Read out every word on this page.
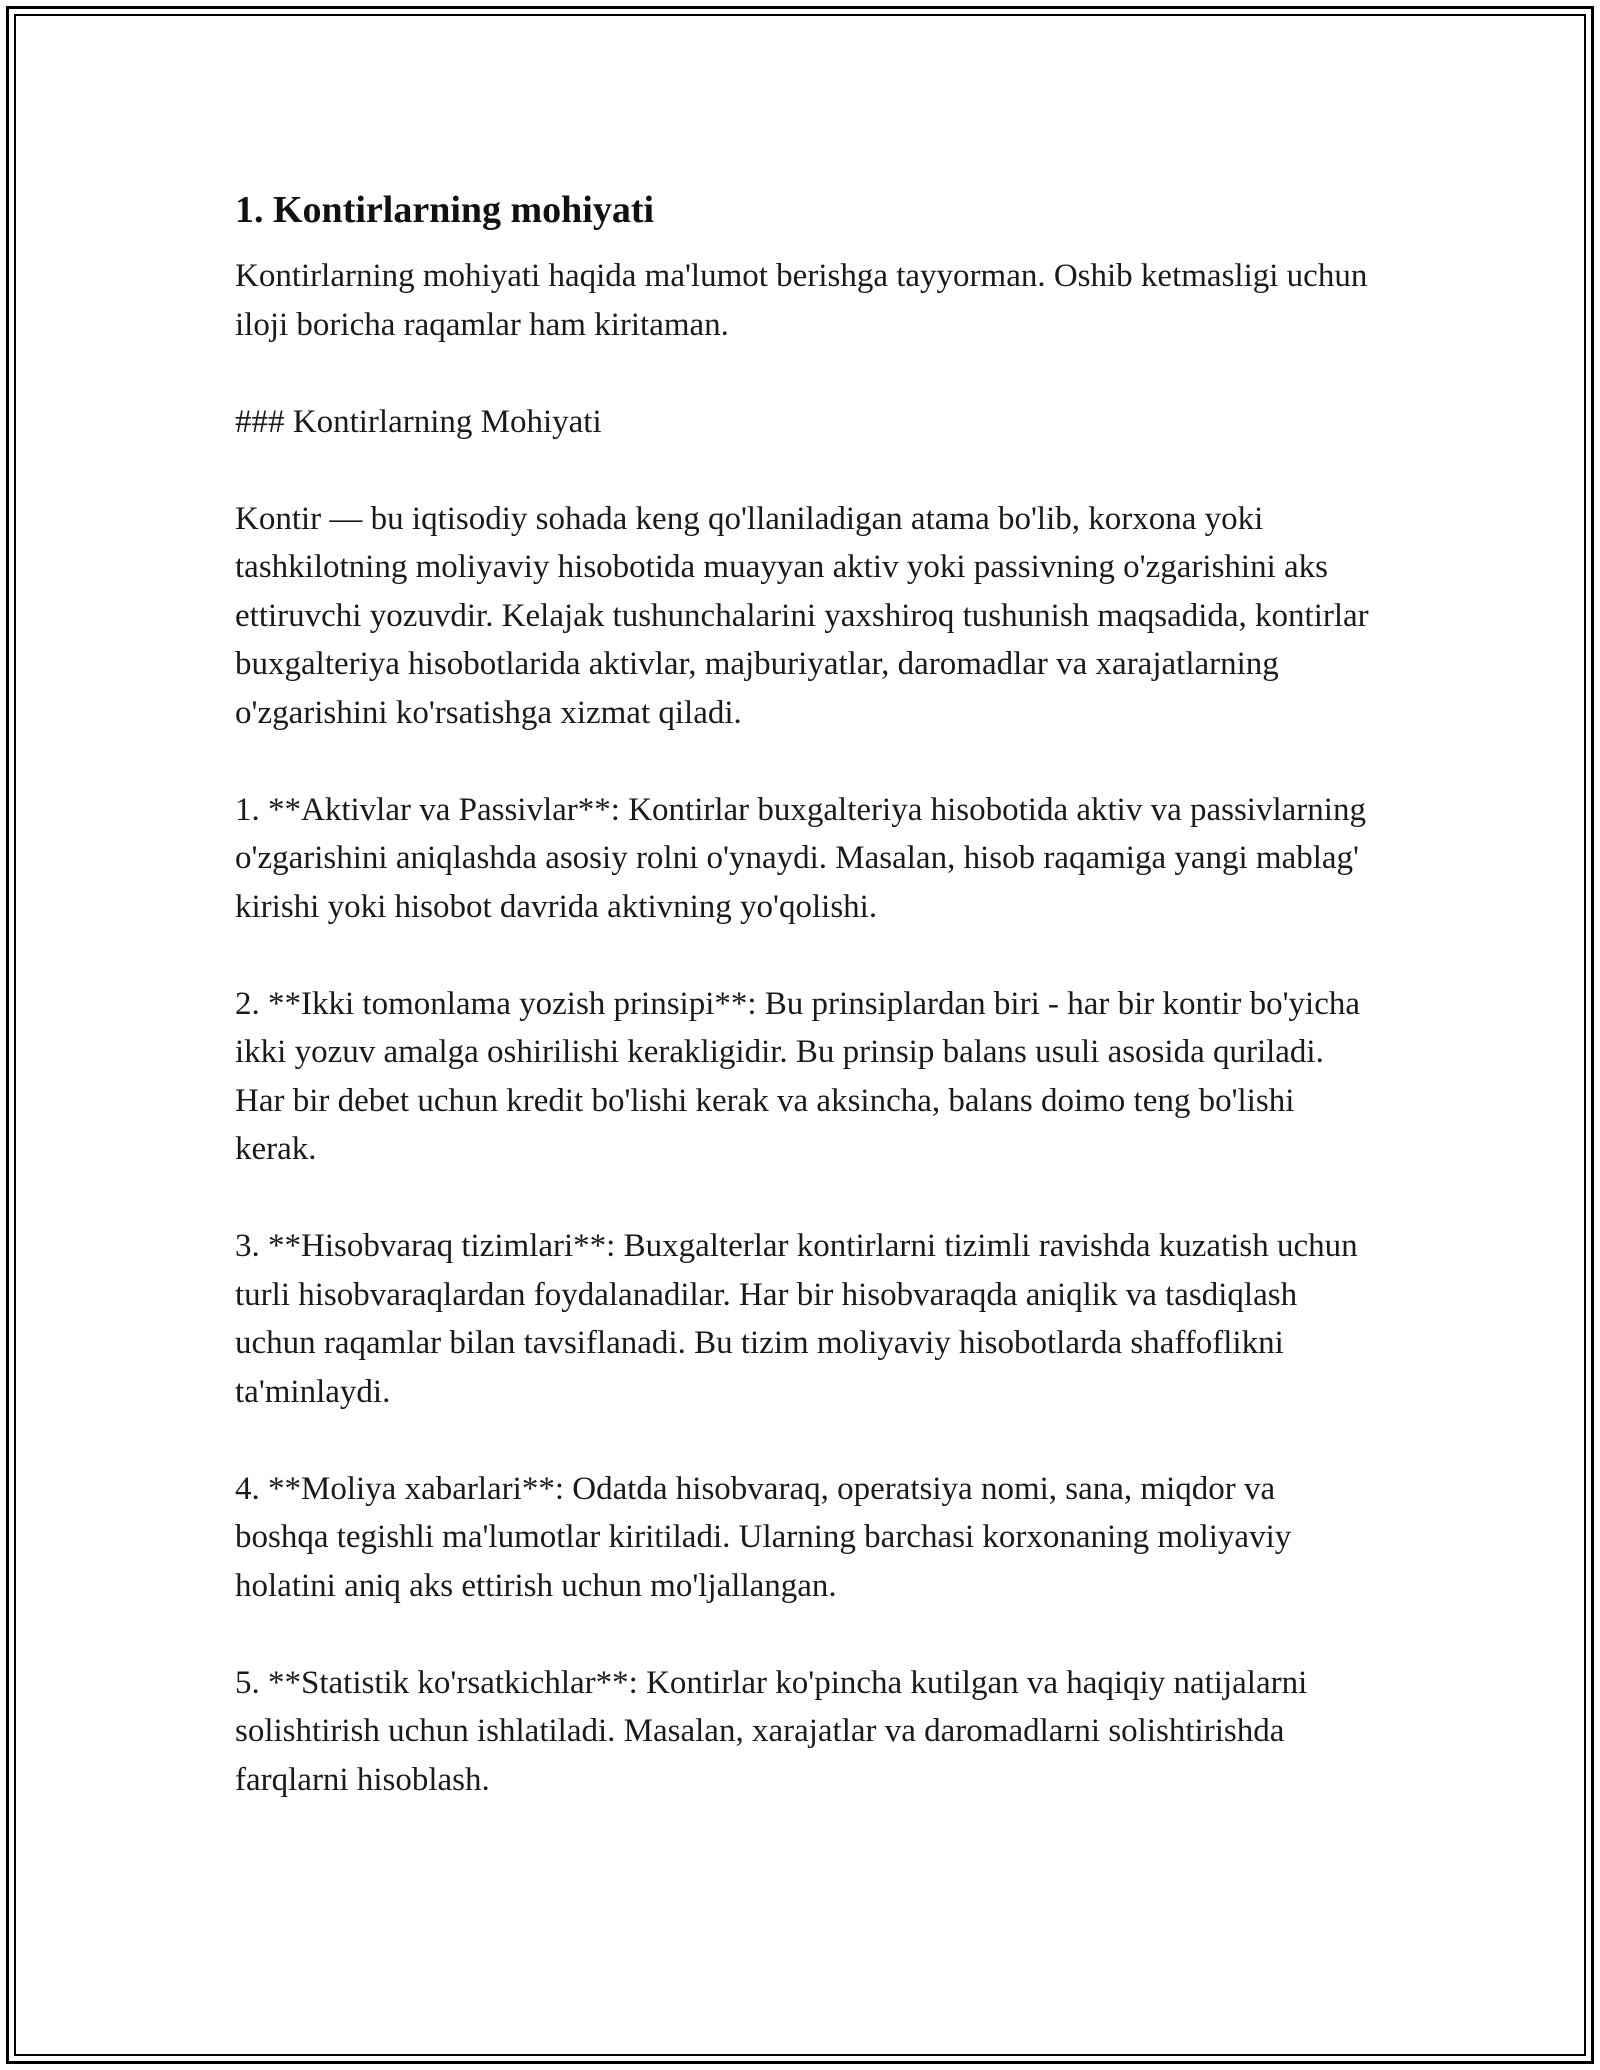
1. Kontirlarning mohiyati

Kontirlarning mohiyati haqida ma'lumot berishga tayyorman. Oshib ketmasligi uchun iloji boricha raqamlar ham kiritaman.

### Kontirlarning Mohiyati

Kontir — bu iqtisodiy sohada keng qo'llaniladigan atama bo'lib, korxona yoki tashkilotning moliyaviy hisobotida muayyan aktiv yoki passivning o'zgarishini aks ettiruvchi yozuvdir. Kelajak tushunchalarini yaxshiroq tushunish maqsadida, kontirlar buxgalteriya hisobotlarida aktivlar, majburiyatlar, daromadlar va xarajatlarning o'zgarishini ko'rsatishga xizmat qiladi.

1. **Aktivlar va Passivlar**: Kontirlar buxgalteriya hisobotida aktiv va passivlarning o'zgarishini aniqlashda asosiy rolni o'ynaydi. Masalan, hisob raqamiga yangi mablag' kirishi yoki hisobot davrida aktivning yo'qolishi.

2. **Ikki tomonlama yozish prinsipi**: Bu prinsiplardan biri - har bir kontir bo'yicha ikki yozuv amalga oshirilishi kerakligidir. Bu prinsip balans usuli asosida quriladi. Har bir debet uchun kredit bo'lishi kerak va aksincha, balans doimo teng bo'lishi kerak.

3. **Hisobvaraq tizimlari**: Buxgalterlar kontirlarni tizimli ravishda kuzatish uchun turli hisobvaraqlardan foydalanadilar. Har bir hisobvaraqda aniqlik va tasdiqlash uchun raqamlar bilan tavsiflanadi. Bu tizim moliyaviy hisobotlarda shaffoflikni ta'minlaydi.

4. **Moliya xabarlari**: Odatda hisobvaraq, operatsiya nomi, sana, miqdor va boshqa tegishli ma'lumotlar kiritiladi. Ularning barchasi korxonaning moliyaviy holatini aniq aks ettirish uchun mo'ljallangan.

5. **Statistik ko'rsatkichlar**: Kontirlar ko'pincha kutilgan va haqiqiy natijalarni solishtirish uchun ishlatiladi. Masalan, xarajatlar va daromadlarni solishtirishda farqlarni hisoblash.
